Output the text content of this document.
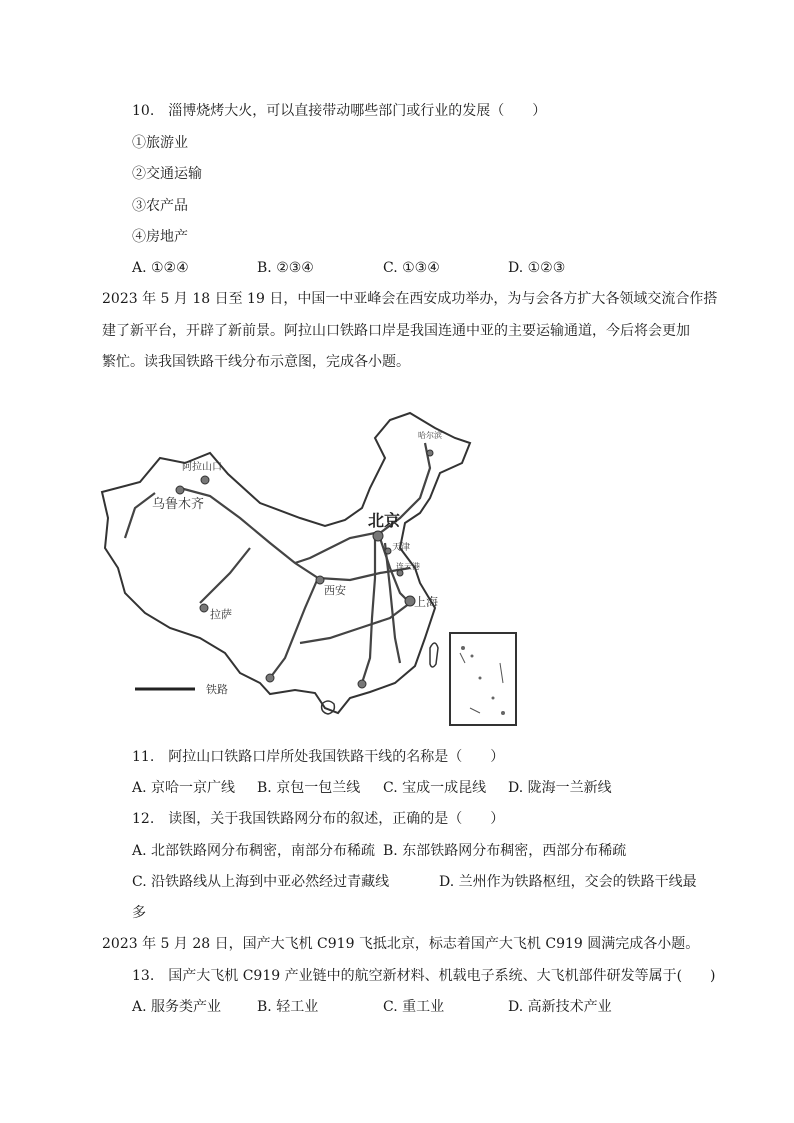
10.　淄博烧烤大火，可以直接带动哪些部门或行业的发展（　　）
①旅游业
②交通运输
③农产品
④房地产
A. ①②④	B. ②③④	C. ①③④	D. ①②③
2023 年 5 月 18 日至 19 日，中国一中亚峰会在西安成功举办，为与会各方扩大各领域交流合作搭
建了新平台，开辟了新前景。阿拉山口铁路口岸是我国连通中亚的主要运输通道，今后将会更加
繁忙。读我国铁路干线分布示意图，完成各小题。
阿拉山口
乌鲁木齐
北京
拉萨
西安
上海
连云港
天津
哈尔滨
铁路
11.　阿拉山口铁路口岸所处我国铁路干线的名称是（　　）
A. 京哈一京广线 B. 京包一包兰线 C. 宝成一成昆线 D. 陇海一兰新线
12.　读图，关于我国铁路网分布的叙述，正确的是（　　）
A. 北部铁路网分布稠密，南部分布稀疏 B. 东部铁路网分布稠密，西部分布稀疏
C. 沿铁路线从上海到中亚必然经过青藏线	D. 兰州作为铁路枢纽，交会的铁路干线最
多
2023 年 5 月 28 日，国产大飞机 C919 飞抵北京，标志着国产大飞机 C919 圆满完成各小题。
13.　国产大飞机 C919 产业链中的航空新材料、机载电子系统、大飞机部件研发等属于(　　)
A. 服务类产业	B. 轻工业	C. 重工业	D. 高新技术产业
